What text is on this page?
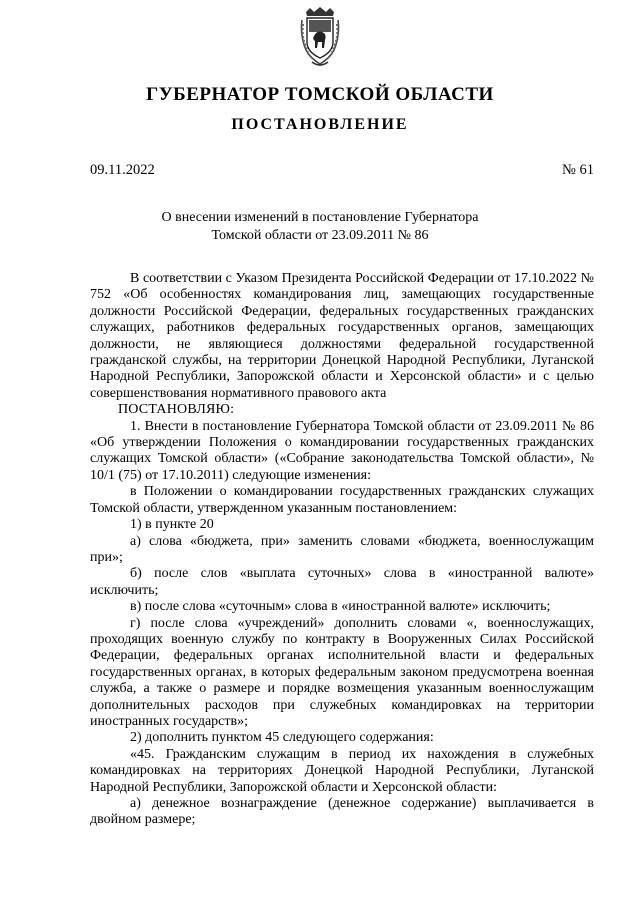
ГУБЕРНАТОР ТОМСКОЙ ОБЛАСТИ
ПОСТАНОВЛЕНИЕ
09.11.2022	№ 61
О внесении изменений в постановление Губернатора
Томской области от 23.09.2011 № 86

В соответствии с Указом Президента Российской Федерации от 17.10.2022 № 752 «Об особенностях командирования лиц, замещающих государственные должности Российской Федерации, федеральных государственных гражданских служащих, работников федеральных государственных органов, замещающих должности, не являющиеся должностями федеральной государственной гражданской службы, на территории Донецкой Народной Республики, Луганской Народной Республики, Запорожской области и Херсонской области» и с целью совершенствования нормативного правового акта

ПОСТАНОВЛЯЮ:

1. Внести в постановление Губернатора Томской области от 23.09.2011 № 86 «Об утверждении Положения о командировании государственных гражданских служащих Томской области» («Собрание законодательства Томской области», № 10/1 (75) от 17.10.2011) следующие изменения:

в Положении о командировании государственных гражданских служащих Томской области, утвержденном указанным постановлением:

1) в пункте 20

а) слова «бюджета, при» заменить словами «бюджета, военнослужащим при»;

б) после слов «выплата суточных» слова в «иностранной валюте» исключить;

в) после слова «суточным» слова в «иностранной валюте» исключить;

г) после слова «учреждений» дополнить словами «, военнослужащих, проходящих военную службу по контракту в Вооруженных Силах Российской Федерации, федеральных органах исполнительной власти и федеральных государственных органах, в которых федеральным законом предусмотрена военная служба, а также о размере и порядке возмещения указанным военнослужащим дополнительных расходов при служебных командировках на территории иностранных государств»;

2) дополнить пунктом 45 следующего содержания:

«45. Гражданским служащим в период их нахождения в служебных командировках на территориях Донецкой Народной Республики, Луганской Народной Республики, Запорожской области и Херсонской области:

а) денежное вознаграждение (денежное содержание) выплачивается в двойном размере;
